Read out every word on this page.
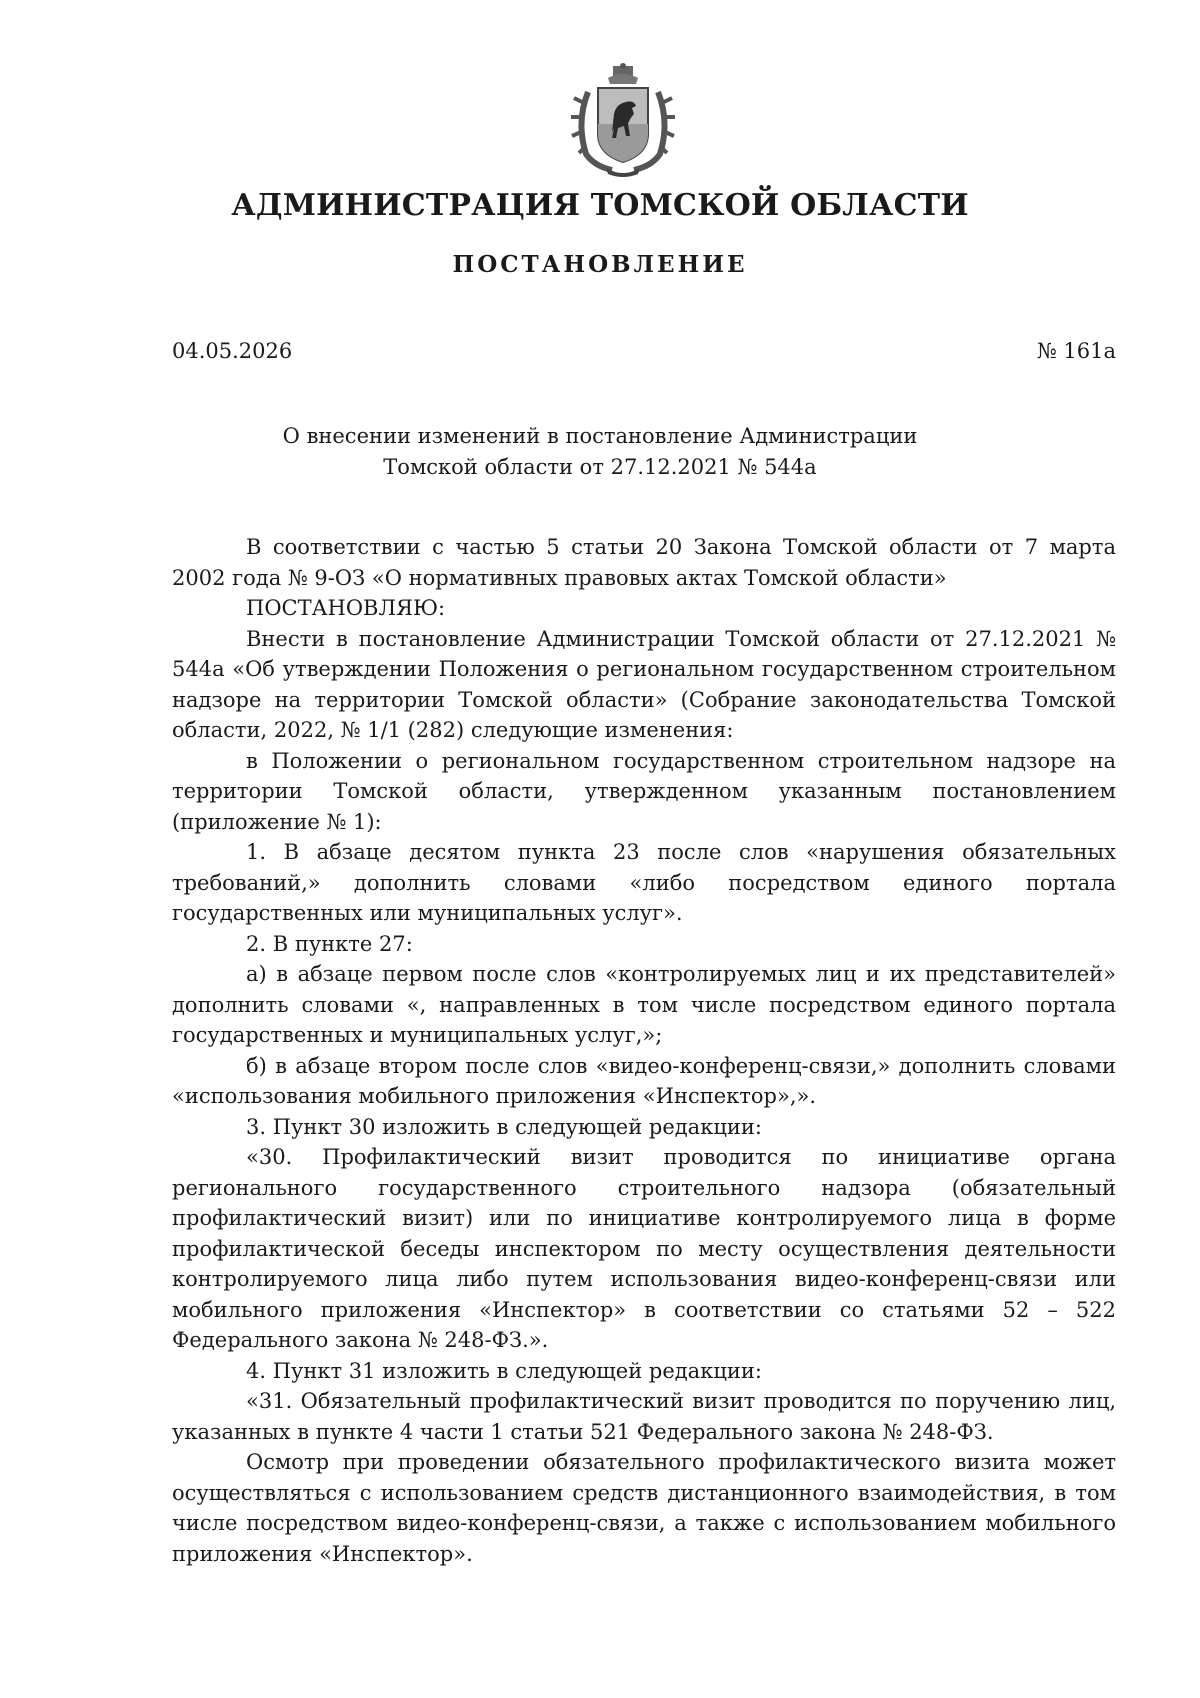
АДМИНИСТРАЦИЯ ТОМСКОЙ ОБЛАСТИ
ПОСТАНОВЛЕНИЕ
04.05.2026	№ 161а
О внесении изменений в постановление Администрации
Томской области от 27.12.2021 № 544а

В соответствии с частью 5 статьи 20 Закона Томской области от 7 марта 2002 года № 9-ОЗ «О нормативных правовых актах Томской области»

ПОСТАНОВЛЯЮ:

Внести в постановление Администрации Томской области от 27.12.2021 № 544а «Об утверждении Положения о региональном государственном строительном надзоре на территории Томской области» (Собрание законодательства Томской области, 2022, № 1/1 (282) следующие изменения:

в Положении о региональном государственном строительном надзоре на территории Томской области, утвержденном указанным постановлением (приложение № 1):

1. В абзаце десятом пункта 23 после слов «нарушения обязательных требований,» дополнить словами «либо посредством единого портала государственных или муниципальных услуг».

2. В пункте 27:

а) в абзаце первом после слов «контролируемых лиц и их представителей» дополнить словами «, направленных в том числе посредством единого портала государственных и муниципальных услуг,»;

б) в абзаце втором после слов «видео-конференц-связи,» дополнить словами «использования мобильного приложения «Инспектор»,».

3. Пункт 30 изложить в следующей редакции:

«30. Профилактический визит проводится по инициативе органа регионального государственного строительного надзора (обязательный профилактический визит) или по инициативе контролируемого лица в форме профилактической беседы инспектором по месту осуществления деятельности контролируемого лица либо путем использования видео-конференц-связи или мобильного приложения «Инспектор» в соответствии со статьями 52 – 522 Федерального закона № 248-ФЗ.».

4. Пункт 31 изложить в следующей редакции:

«31. Обязательный профилактический визит проводится по поручению лиц, указанных в пункте 4 части 1 статьи 521 Федерального закона № 248-ФЗ.

Осмотр при проведении обязательного профилактического визита может осуществляться с использованием средств дистанционного взаимодействия, в том числе посредством видео-конференц-связи, а также с использованием мобильного приложения «Инспектор».
